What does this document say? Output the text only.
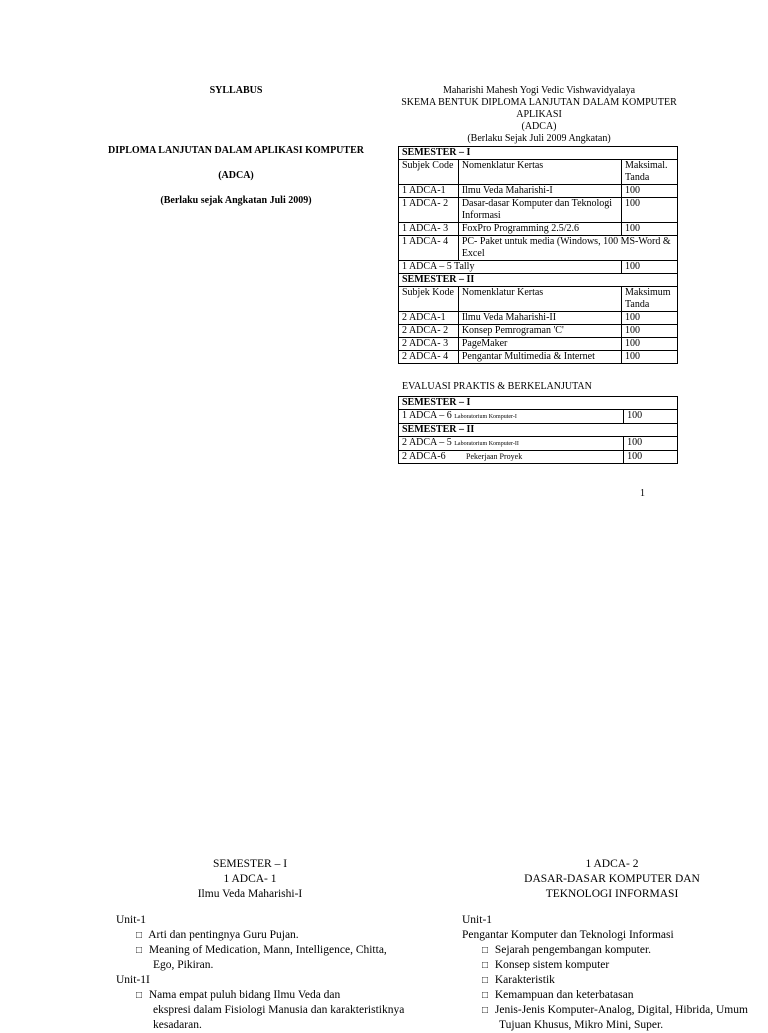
SYLLABUS
DIPLOMA LANJUTAN DALAM APLIKASI KOMPUTER
(ADCA)
(Berlaku sejak Angkatan Juli 2009)
Maharishi Mahesh Yogi Vedic Vishwavidyalaya
SKEMA BENTUK DIPLOMA LANJUTAN DALAM KOMPUTER
APLIKASI
(ADCA)
(Berlaku Sejak Juli 2009 Angkatan)
SEMESTER – I		
Subjek Code	Nomenklatur Kertas	Maksimal. Tanda
1 ADCA-1	Ilmu Veda Maharishi-I	100
1 ADCA- 2	Dasar-dasar Komputer dan Teknologi Informasi	100
1 ADCA- 3	FoxPro Programming 2.5/2.6	100
1 ADCA- 4	PC- Paket untuk media (Windows, 100 MS-Word & Excel	
1 ADCA – 5 Tally		100
SEMESTER – II		
Subjek Kode	Nomenklatur Kertas	Maksimum Tanda
2 ADCA-1	Ilmu Veda Maharishi-II	100
2 ADCA- 2	Konsep Pemrograman 'C'	100
2 ADCA- 3	PageMaker	100
2 ADCA- 4	Pengantar Multimedia & Internet	100
EVALUASI PRAKTIS & BERKELANJUTAN
SEMESTER – I	
1 ADCA – 6 Laboratorium Komputer-I	100
SEMESTER – II	
2 ADCA – 5 Laboratorium Komputer-II	100
2 ADCA-6 Pekerjaan Proyek	100
1
SEMESTER – I
1 ADCA- 1
Ilmu Veda Maharishi-I
Unit-1
□ Arti dan pentingnya Guru Pujan.
□ Meaning of Medication, Mann, Intelligence, Chitta,
Ego, Pikiran.
Unit-1I
□ Nama empat puluh bidang Ilmu Veda dan
ekspresi dalam Fisiologi Manusia dan karakteristiknya
kesadaran.
1 ADCA- 2
DASAR-DASAR KOMPUTER DAN
TEKNOLOGI INFORMASI
Unit-1
Pengantar Komputer dan Teknologi Informasi
□ Sejarah pengembangan komputer.
□ Konsep sistem komputer
□ Karakteristik
□ Kemampuan dan keterbatasan
□ Jenis-Jenis Komputer-Analog, Digital, Hibrida, Umum
Tujuan Khusus, Mikro Mini, Super.
